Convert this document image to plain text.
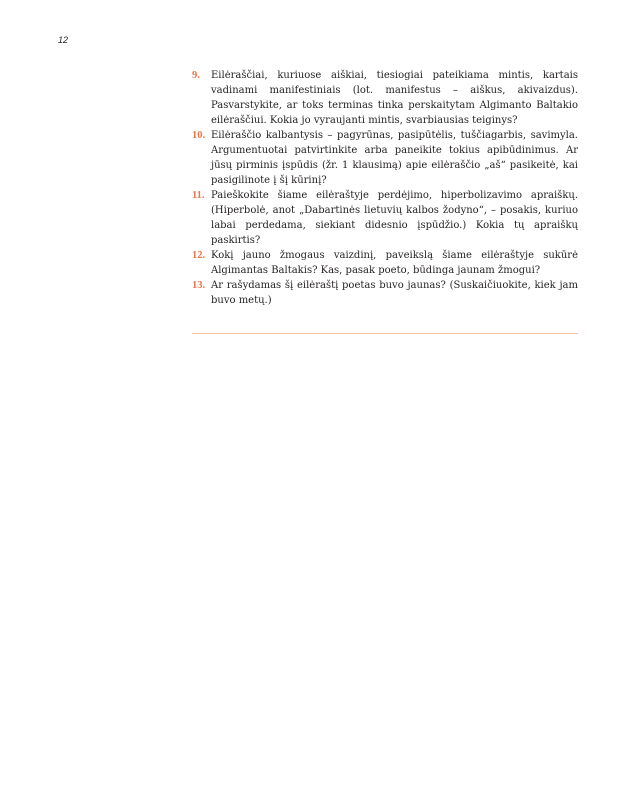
12
9. Eilėraščiai, kuriuose aiškiai, tiesiogiai pateikiama mintis, kartais vadinami manifestiniais (lot. manifestus – aiškus, akivaizdus). Pasvarstykite, ar toks terminas tinka perskaitytam Algimanto Baltakio eilėraščiui. Kokia jo vyraujanti mintis, svarbiausias teiginys?
10. Eilėraščio kalbantysis – pagyrūnas, pasipūtėlis, tuščiagarbis, savimyla. Argumentuotai patvirtinkite arba paneikite tokius apibūdinimus. Ar jūsų pirminis įspūdis (žr. 1 klausimą) apie eilėraščio „aš“ pasikeitė, kai pasigilinote į šį kūrinį?
11. Paieškokite šiame eilėraštyje perdėjimo, hiperbolizavimo apraiškų. (Hiperbolė, anot „Dabartinės lietuvių kalbos žodyno“, – posakis, kuriuo labai perdedama, siekiant didesnio įspūdžio.) Kokia tų apraiškų paskirtis?
12. Kokį jauno žmogaus vaizdinį, paveikslą šiame eilėraštyje sukūrė Algimantas Baltakis? Kas, pasak poeto, būdinga jaunam žmogui?
13. Ar rašydamas šį eilėraštį poetas buvo jaunas? (Suskaičiuokite, kiek jam buvo metų.)
